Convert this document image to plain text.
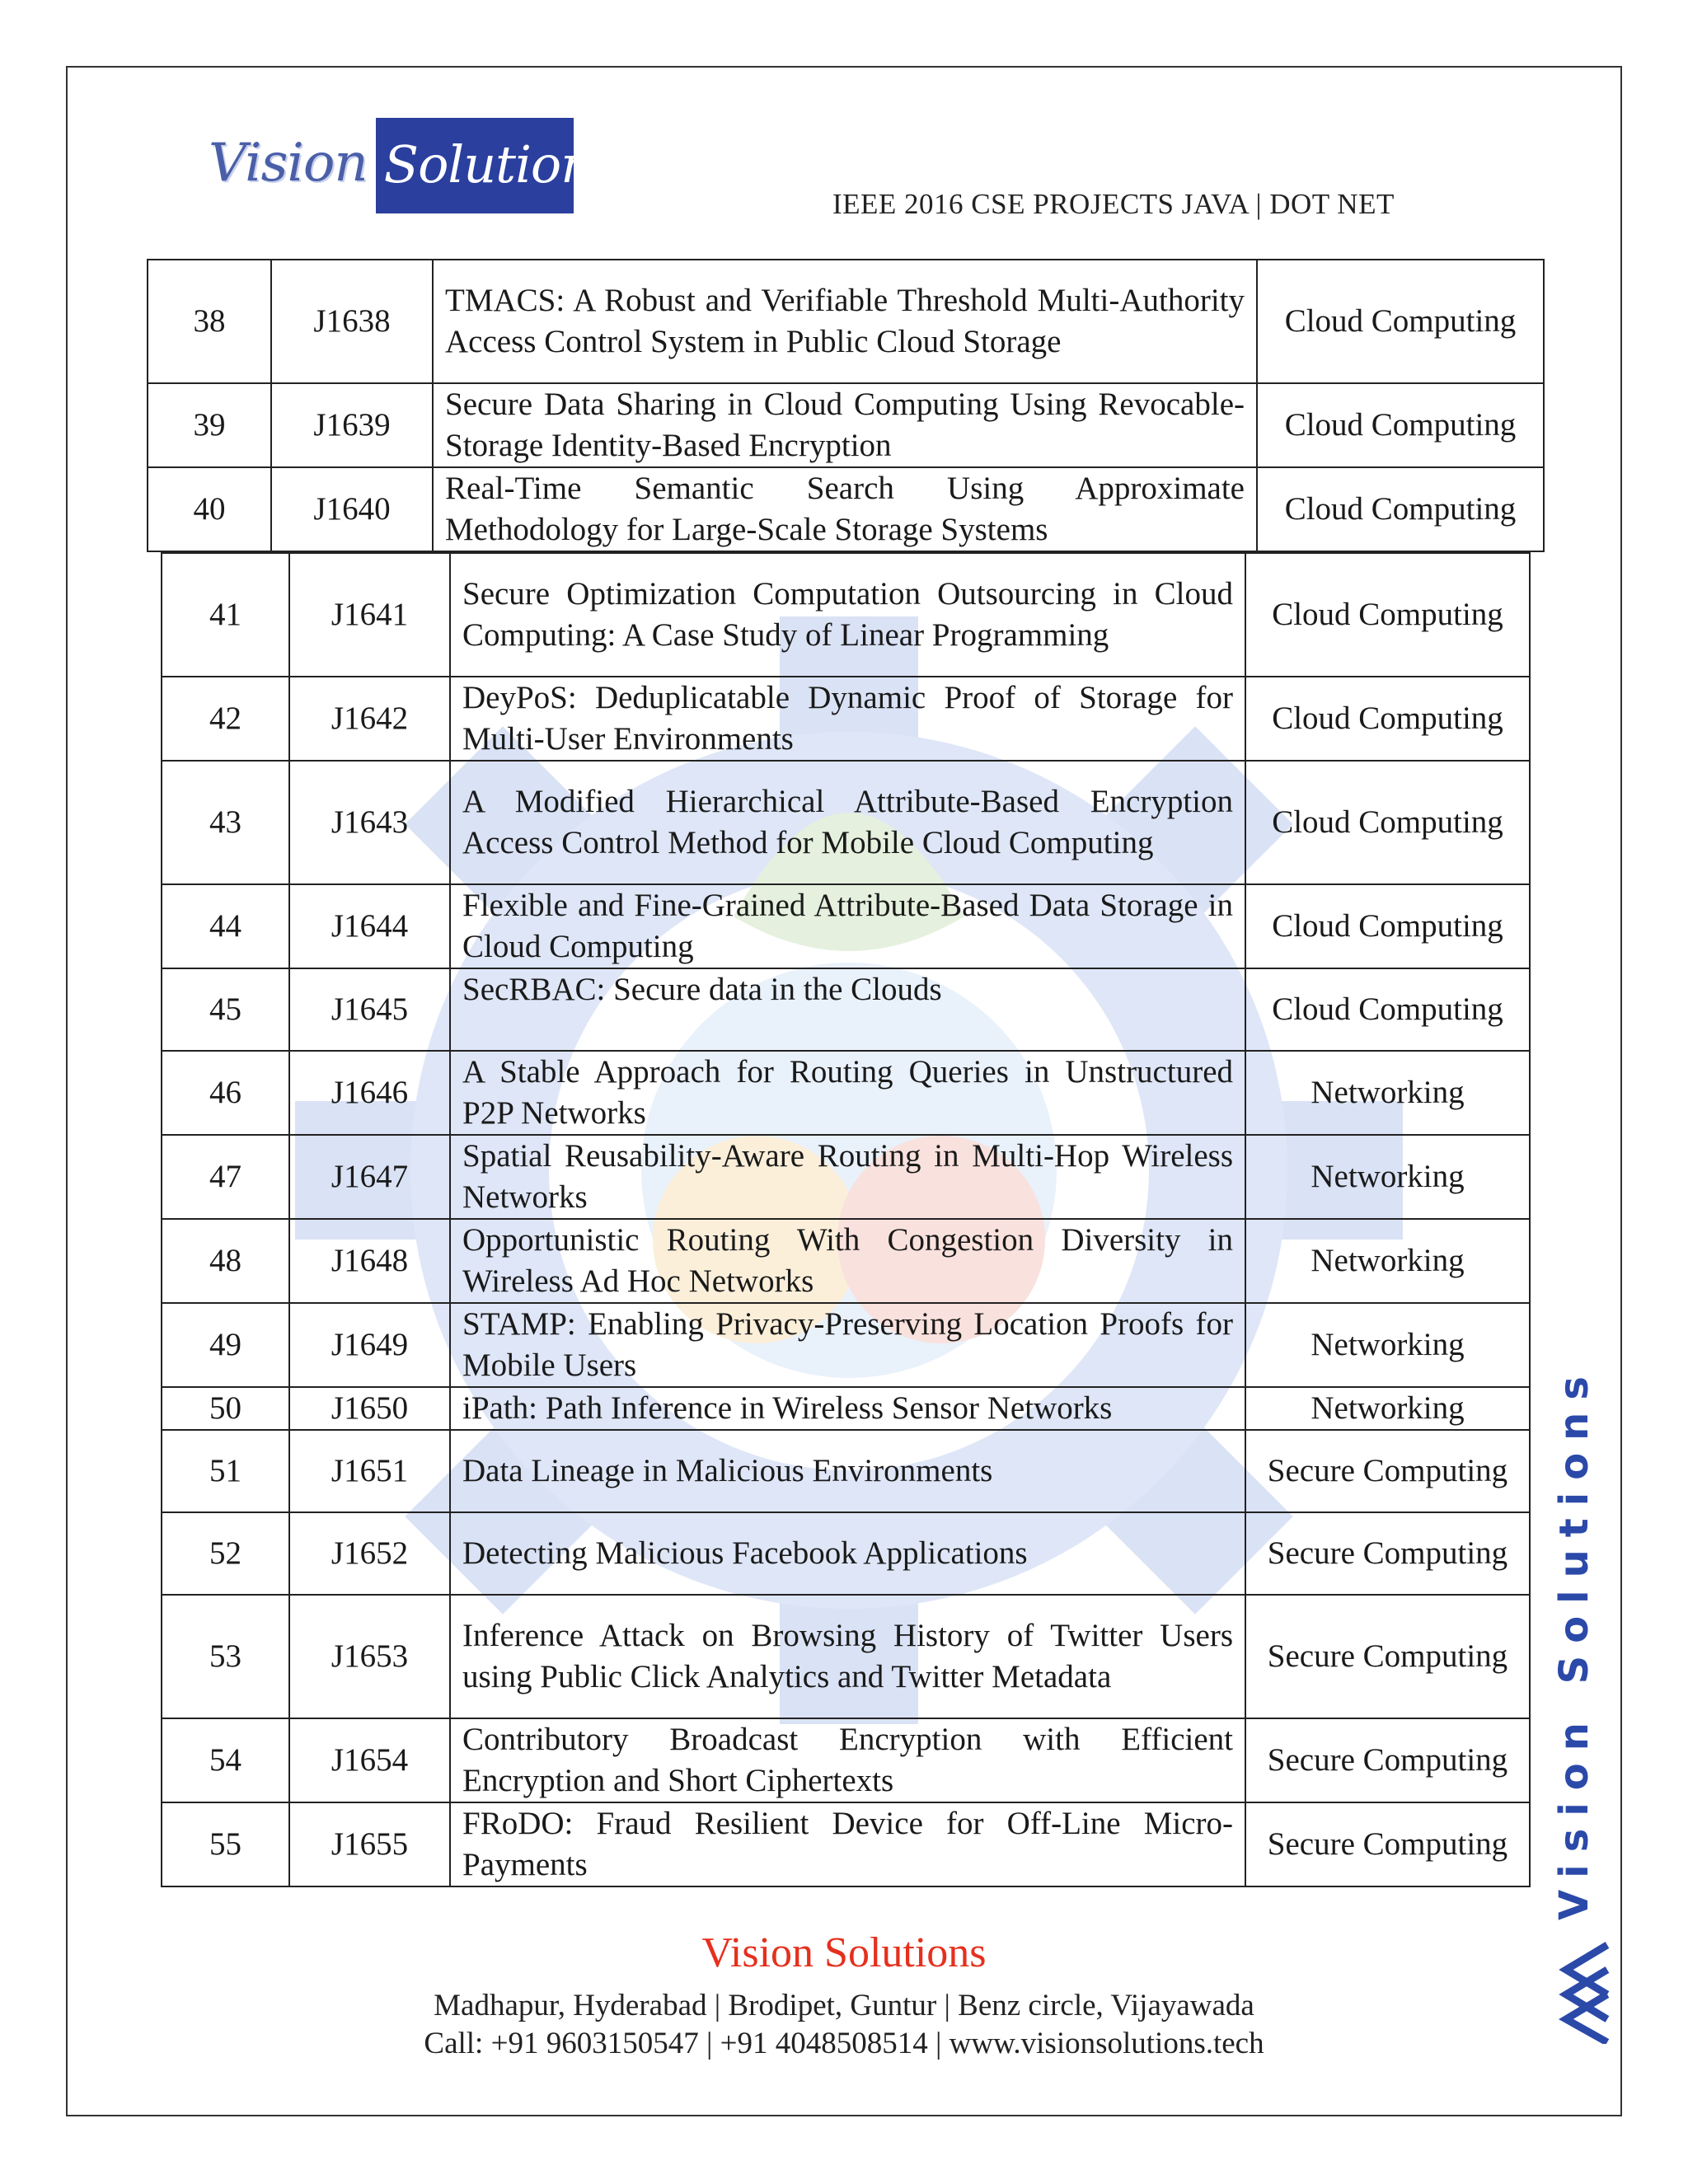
Vision Solutions
IEEE 2016 CSE PROJECTS JAVA | DOT NET
38	J1638	TMACS: A Robust and Verifiable Threshold Multi-Authority Access Control System in Public Cloud Storage	Cloud Computing
39	J1639	Secure Data Sharing in Cloud Computing Using Revocable-Storage Identity-Based Encryption	Cloud Computing
40	J1640	Real-Time Semantic Search Using Approximate Methodology for Large-Scale Storage Systems	Cloud Computing
41	J1641	Secure Optimization Computation Outsourcing in Cloud Computing: A Case Study of Linear Programming	Cloud Computing
42	J1642	DeyPoS: Deduplicatable Dynamic Proof of Storage for Multi-User Environments	Cloud Computing
43	J1643	A Modified Hierarchical Attribute-Based Encryption Access Control Method for Mobile Cloud Computing	Cloud Computing
44	J1644	Flexible and Fine-Grained Attribute-Based Data Storage in Cloud Computing	Cloud Computing
45	J1645	SecRBAC: Secure data in the Clouds	Cloud Computing
46	J1646	A Stable Approach for Routing Queries in Unstructured P2P Networks	Networking
47	J1647	Spatial Reusability-Aware Routing in Multi-Hop Wireless Networks	Networking
48	J1648	Opportunistic Routing With Congestion Diversity in Wireless Ad Hoc Networks	Networking
49	J1649	STAMP: Enabling Privacy-Preserving Location Proofs for Mobile Users	Networking
50	J1650	iPath: Path Inference in Wireless Sensor Networks	Networking
51	J1651	Data Lineage in Malicious Environments	Secure Computing
52	J1652	Detecting Malicious Facebook Applications	Secure Computing
53	J1653	Inference Attack on Browsing History of Twitter Users using Public Click Analytics and Twitter Metadata	Secure Computing
54	J1654	Contributory Broadcast Encryption with Efficient Encryption and Short Ciphertexts	Secure Computing
55	J1655	FRoDO: Fraud Resilient Device for Off-Line Micro-Payments	Secure Computing
Vision Solutions
Madhapur, Hyderabad | Brodipet, Guntur | Benz circle, Vijayawada
Call: +91 9603150547 | +91 4048508514 | www.visionsolutions.tech
Vision Solutions
